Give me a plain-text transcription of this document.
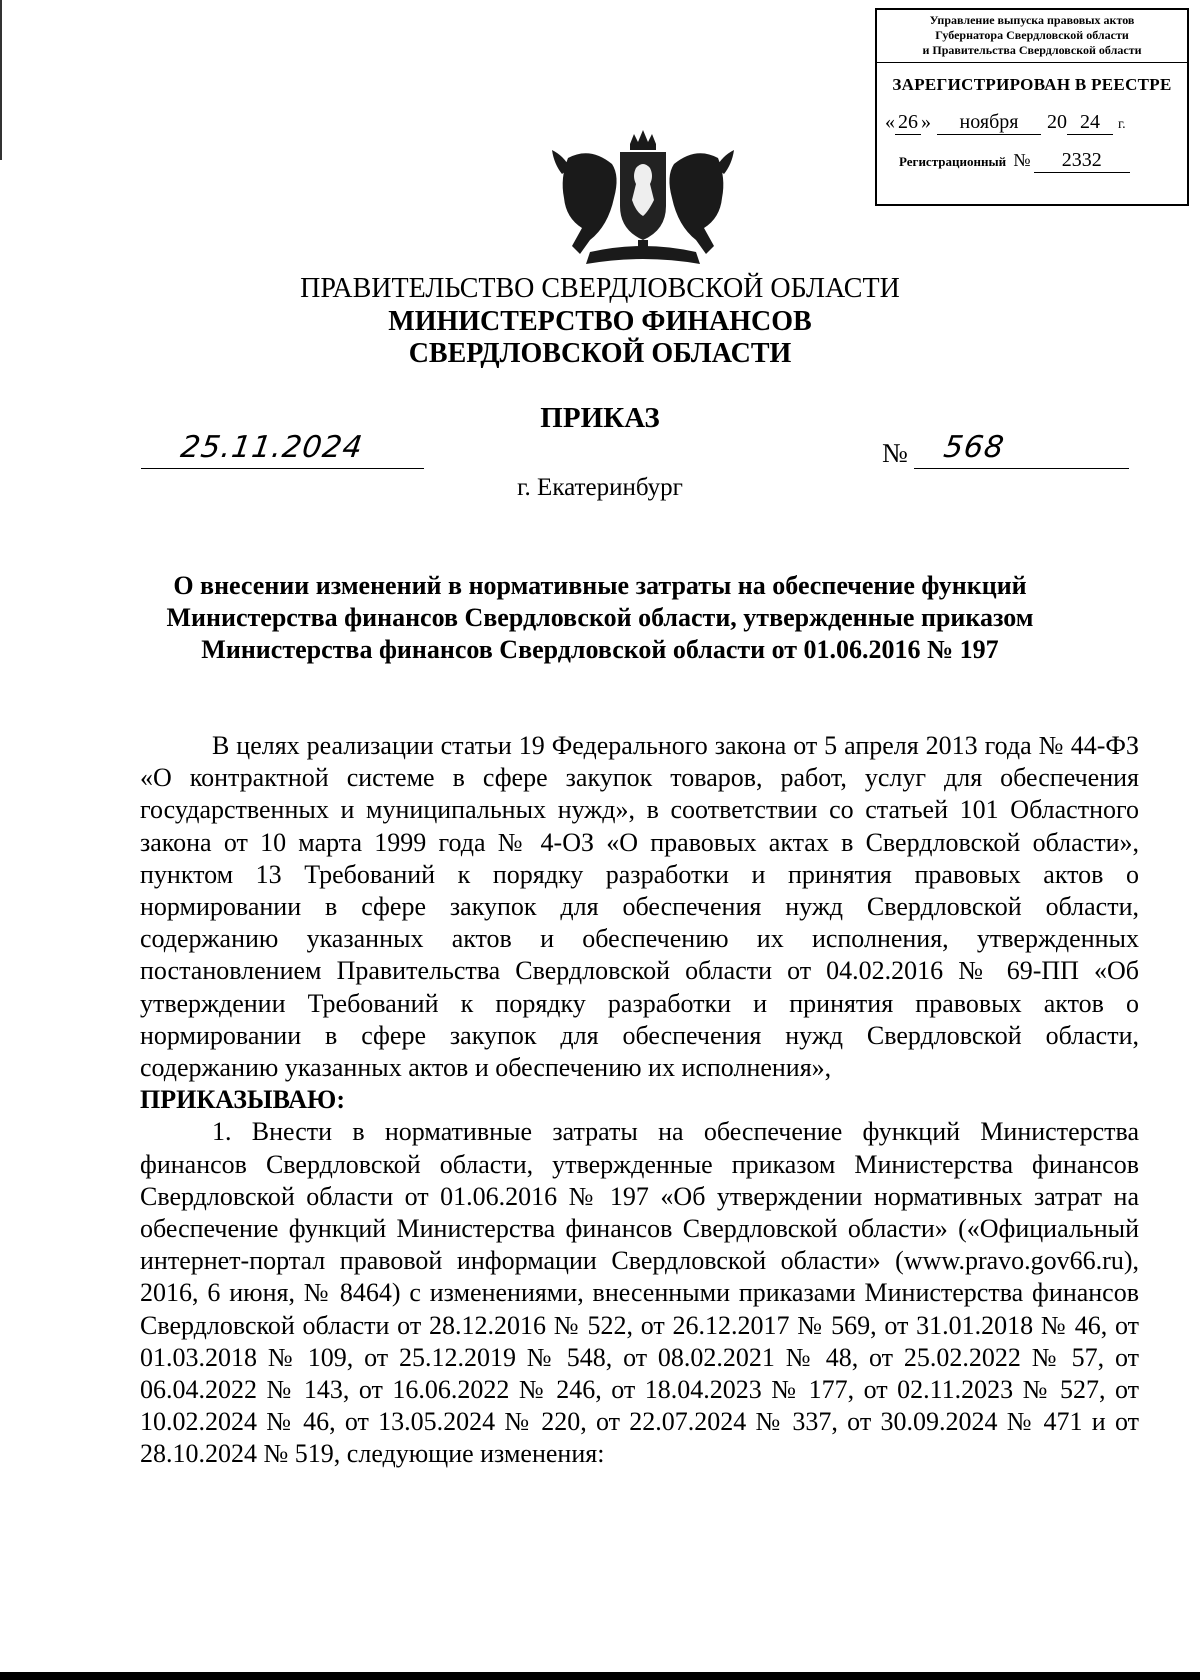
Управление выпуска правовых актов
Губернатора Свердловской области
и Правительства Свердловской области
ЗАРЕГИСТРИРОВАН В РЕЕСТРЕ
« 26 » ноября 20 24 г.
Регистрационный № 2332
ПРАВИТЕЛЬСТВО СВЕРДЛОВСКОЙ ОБЛАСТИ
МИНИСТЕРСТВО ФИНАНСОВ
СВЕРДЛОВСКОЙ ОБЛАСТИ
ПРИКАЗ
25.11.2024	№ 568
г. Екатеринбург
О внесении изменений в нормативные затраты на обеспечение функций Министерства финансов Свердловской области, утвержденные приказом Министерства финансов Свердловской области от 01.06.2016 № 197

В целях реализации статьи 19 Федерального закона от 5 апреля 2013 года № 44-ФЗ «О контрактной системе в сфере закупок товаров, работ, услуг для обеспечения государственных и муниципальных нужд», в соответствии со статьей 101 Областного закона от 10 марта 1999 года № 4-ОЗ «О правовых актах в Свердловской области», пунктом 13 Требований к порядку разработки и принятия правовых актов о нормировании в сфере закупок для обеспечения нужд Свердловской области, содержанию указанных актов и обеспечению их исполнения, утвержденных постановлением Правительства Свердловской области от 04.02.2016 № 69-ПП «Об утверждении Требований к порядку разработки и принятия правовых актов о нормировании в сфере закупок для обеспечения нужд Свердловской области, содержанию указанных актов и обеспечению их исполнения»,

ПРИКАЗЫВАЮ:

1. Внести в нормативные затраты на обеспечение функций Министерства финансов Свердловской области, утвержденные приказом Министерства финансов Свердловской области от 01.06.2016 № 197 «Об утверждении нормативных затрат на обеспечение функций Министерства финансов Свердловской области» («Официальный интернет-портал правовой информации Свердловской области» (www.pravo.gov66.ru), 2016, 6 июня, № 8464) с изменениями, внесенными приказами Министерства финансов Свердловской области от 28.12.2016 № 522, от 26.12.2017 № 569, от 31.01.2018 № 46, от 01.03.2018 № 109, от 25.12.2019 № 548, от 08.02.2021 № 48, от 25.02.2022 № 57, от 06.04.2022 № 143, от 16.06.2022 № 246, от 18.04.2023 № 177, от 02.11.2023 № 527, от 10.02.2024 № 46, от 13.05.2024 № 220, от 22.07.2024 № 337, от 30.09.2024 № 471 и от 28.10.2024 № 519, следующие изменения:
